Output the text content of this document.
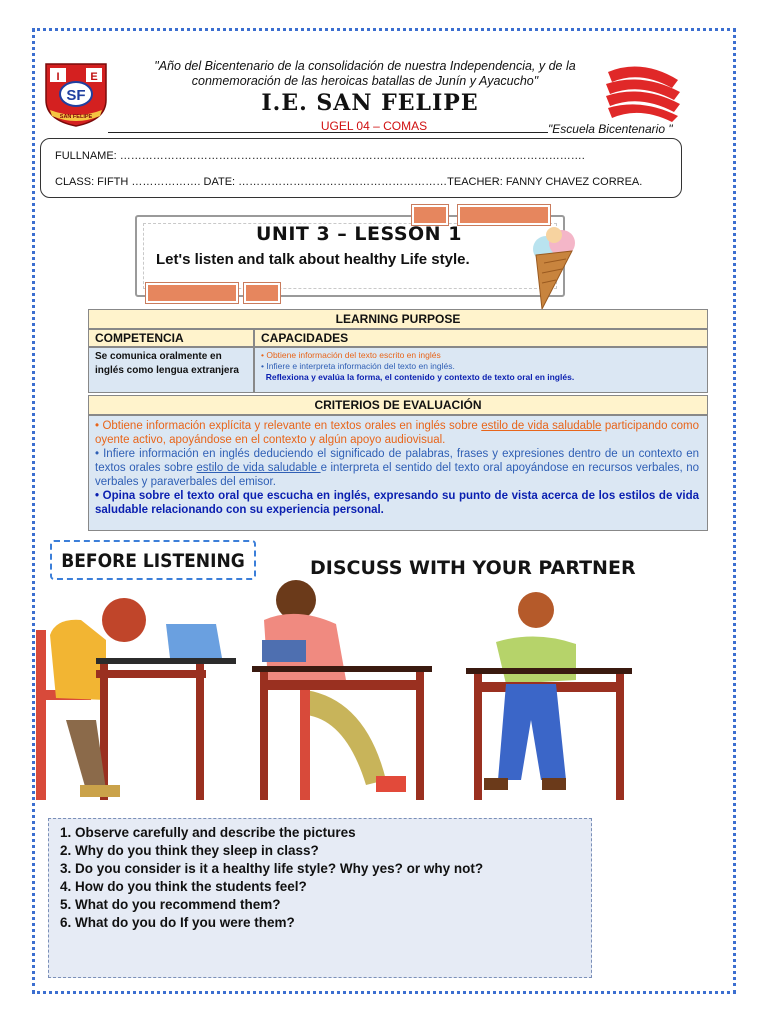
I	E
SF
SAN FELIPE
"Año del Bicentenario de la consolidación de nuestra Independencia, y de la conmemoración de las heroicas batallas de Junín y Ayacucho"
I.E. SAN FELIPE
UGEL 04 – COMAS	"Escuela Bicentenario "
FULLNAME: ……………………………………………………………………………………………………………….
CLASS: FIFTH ………………. DATE: …………………………………………………TEACHER: FANNY CHAVEZ CORREA.
UNIT 3 – LESSON 1
Let's listen and talk about healthy Life style.
LEARNING PURPOSE
COMPETENCIA	CAPACIDADES
Se comunica oralmente en inglés como lengua extranjera
• Obtiene información del texto escrito en inglés
• Infiere e interpreta información del texto en inglés.
Reflexiona y evalúa la forma, el contenido y contexto de texto oral en inglés.
CRITERIOS DE EVALUACIÓN
• Obtiene información explícita y relevante en textos orales en inglés sobre estilo de vida saludable participando como oyente activo, apoyándose en el contexto y algún apoyo audiovisual.
• Infiere información en inglés deduciendo el significado de palabras, frases y expresiones dentro de un contexto en textos orales sobre estilo de vida saludable e interpreta el sentido del texto oral apoyándose en recursos verbales, no verbales y paraverbales del emisor.
• Opina sobre el texto oral que escucha en inglés, expresando su punto de vista acerca de los estilos de vida saludable relacionando con su experiencia personal.
BEFORE LISTENING	DISCUSS WITH YOUR PARTNER
1. Observe carefully and describe the pictures
2. Why do you think they sleep in class?
3. Do you consider is it a healthy life style? Why yes? or why not?
4. How do you think the students feel?
5. What do you recommend them?
6. What do you do If you were them?
